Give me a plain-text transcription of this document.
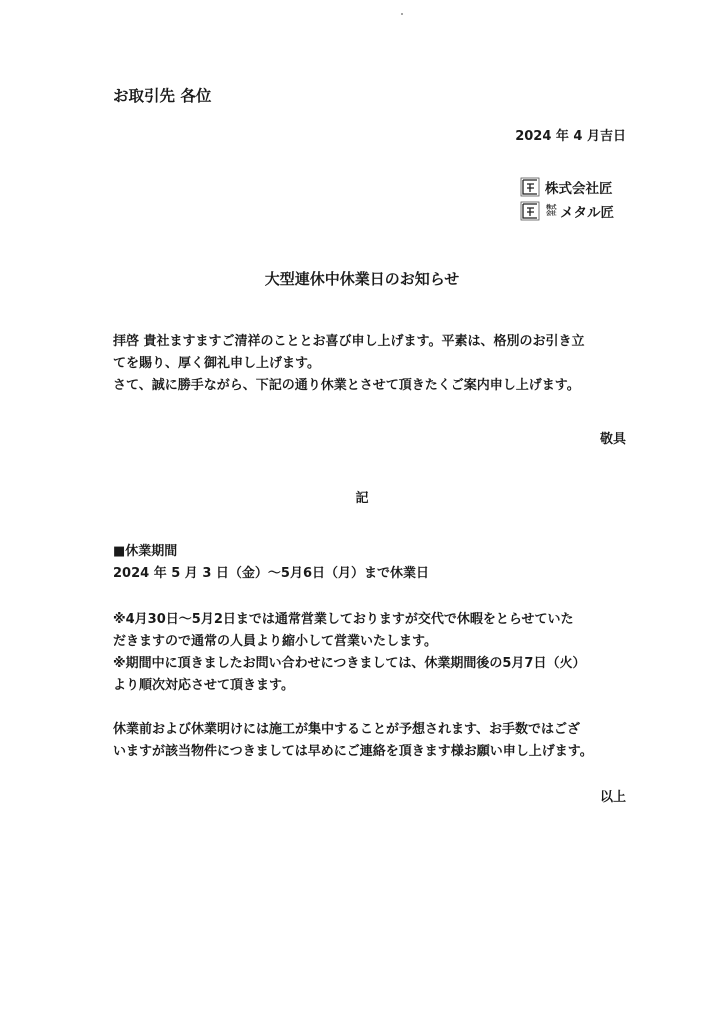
お取引先 各位
2024 年 4 月吉日
株式会社匠
株式会社 メタル匠
大型連休中休業日のお知らせ
拝啓 貴社ますますご清祥のこととお喜び申し上げます。平素は、格別のお引き立
てを賜り、厚く御礼申し上げます。
さて、誠に勝手ながら、下記の通り休業とさせて頂きたくご案内申し上げます。
敬具
記
■休業期間
2024 年 5 月 3 日（金）～5月6日（月）まで休業日
※4月30日～5月2日までは通常営業しておりますが交代で休暇をとらせていた
だきますので通常の人員より縮小して営業いたします。
※期間中に頂きましたお問い合わせにつきましては、休業期間後の5月7日（火）
より順次対応させて頂きます。
休業前および休業明けには施工が集中することが予想されます、お手数ではござ
いますが該当物件につきましては早めにご連絡を頂きます様お願い申し上げます。
以上
